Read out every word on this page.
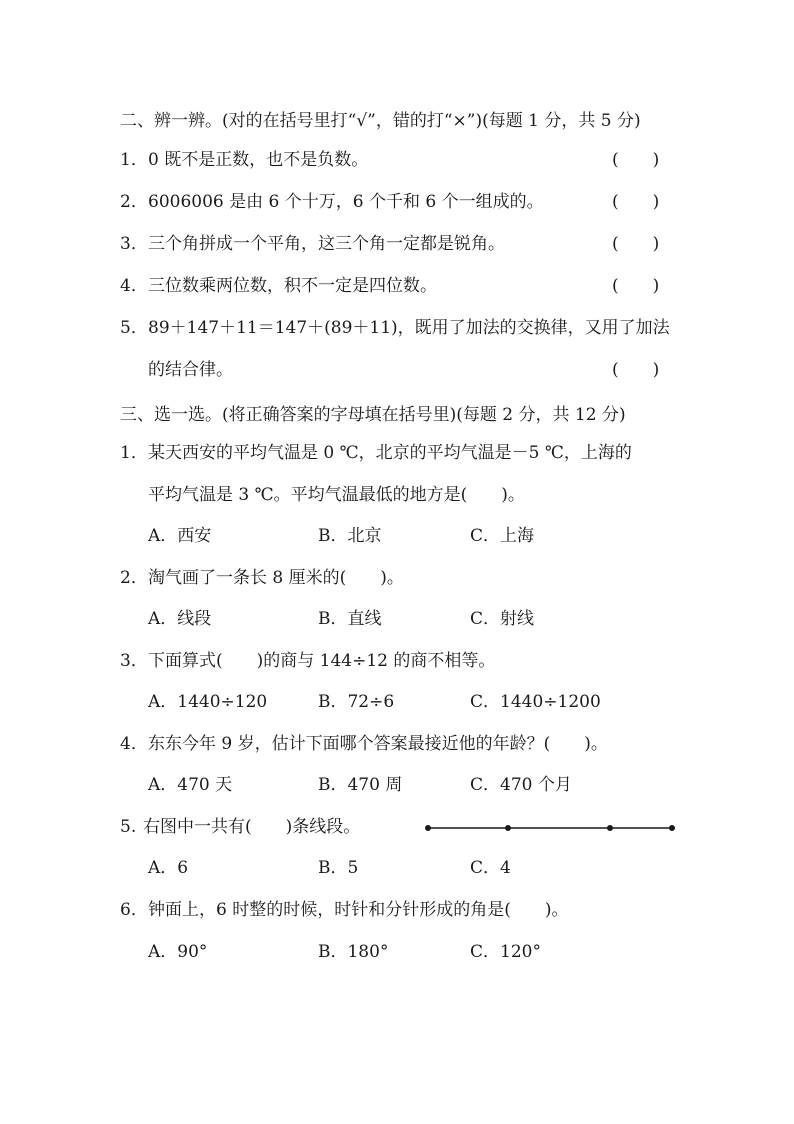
二、辨一辨。(对的在括号里打“√”，错的打“×”)(每题 1 分，共 5 分)
1． 0 既不是正数，也不是负数。	(　　)
2． 6006006 是由 6 个十万，6 个千和 6 个一组成的。	(　　)
3． 三个角拼成一个平角，这三个角一定都是锐角。	(　　)
4． 三位数乘两位数，积不一定是四位数。	(　　)
5． 89＋147＋11＝147＋(89＋11)，既用了加法的交换律，又用了加法
的结合律。	(　　)
三、选一选。(将正确答案的字母填在括号里)(每题 2 分，共 12 分)
1． 某天西安的平均气温是 0 ℃，北京的平均气温是－5 ℃，上海的
平均气温是 3 ℃。平均气温最低的地方是(　　)。
A．西安	B．北京	C．上海
2． 淘气画了一条长 8 厘米的(　　)。
A．线段	B．直线	C．射线
3． 下面算式(　　)的商与 144÷12 的商不相等。
A．1440÷120	B．72÷6	C．1440÷1200
4． 东东今年 9 岁，估计下面哪个答案最接近他的年龄？(　　)。
A．470 天	B．470 周	C．470 个月
5. 右图中一共有(　　)条线段。
A．6	B．5	C．4
6． 钟面上，6 时整的时候，时针和分针形成的角是(　　)。
A．90°	B．180°	C．120°
